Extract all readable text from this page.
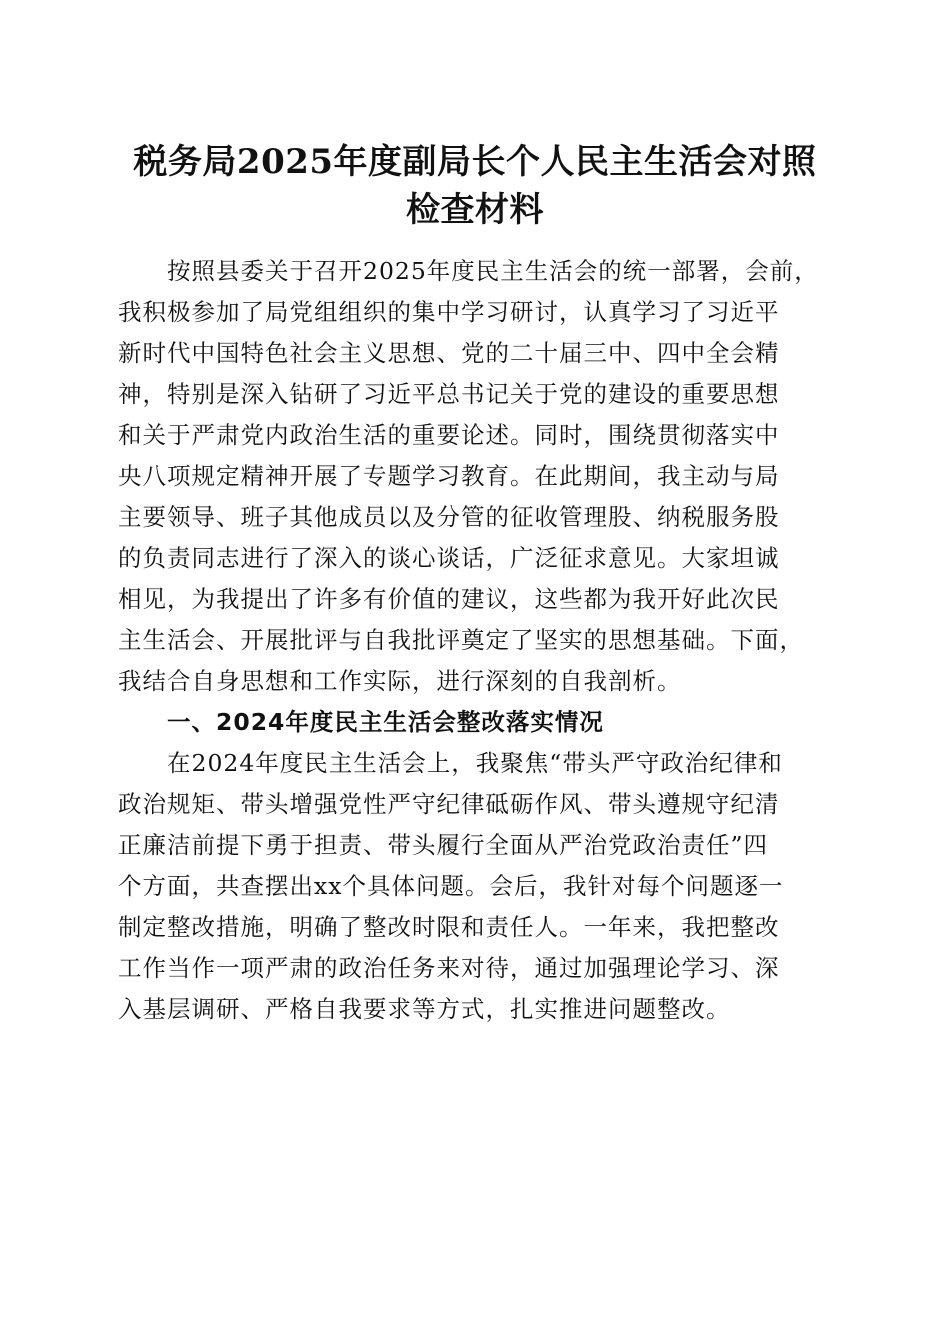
税务局2025年度副局长个人民主生活会对照
检查材料

　　按照县委关于召开2025年度民主生活会的统一部署，会前，
我积极参加了局党组组织的集中学习研讨，认真学习了习近平
新时代中国特色社会主义思想、党的二十届三中、四中全会精
神，特别是深入钻研了习近平总书记关于党的建设的重要思想
和关于严肃党内政治生活的重要论述。同时，围绕贯彻落实中
央八项规定精神开展了专题学习教育。在此期间，我主动与局
主要领导、班子其他成员以及分管的征收管理股、纳税服务股
的负责同志进行了深入的谈心谈话，广泛征求意见。大家坦诚
相见，为我提出了许多有价值的建议，这些都为我开好此次民
主生活会、开展批评与自我批评奠定了坚实的思想基础。下面，
我结合自身思想和工作实际，进行深刻的自我剖析。

　　一、2024年度民主生活会整改落实情况

　　在2024年度民主生活会上，我聚焦“带头严守政治纪律和
政治规矩、带头增强党性严守纪律砥砺作风、带头遵规守纪清
正廉洁前提下勇于担责、带头履行全面从严治党政治责任”四
个方面，共查摆出xx个具体问题。会后，我针对每个问题逐一
制定整改措施，明确了整改时限和责任人。一年来，我把整改
工作当作一项严肃的政治任务来对待，通过加强理论学习、深
入基层调研、严格自我要求等方式，扎实推进问题整改。
